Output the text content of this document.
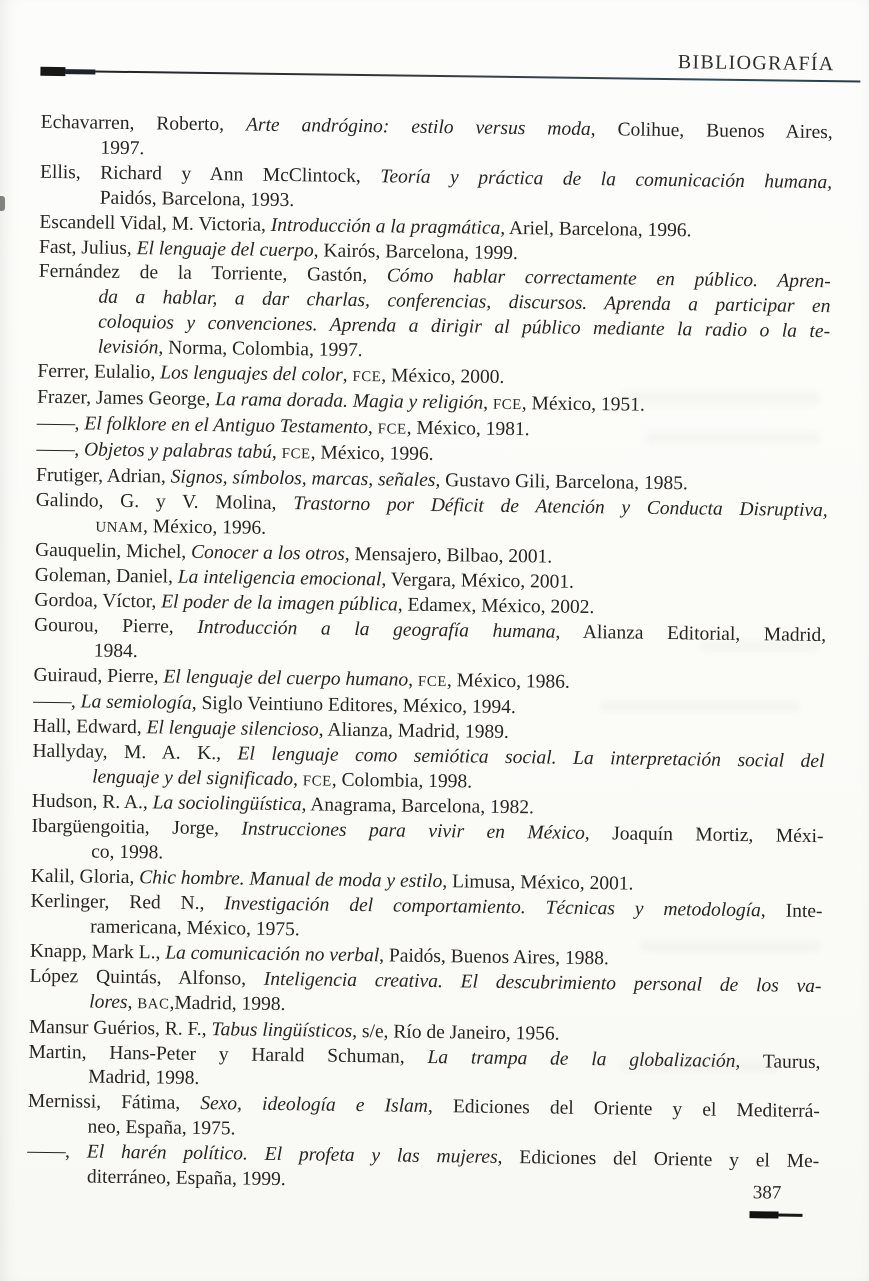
BIBLIOGRAFÍA
Echavarren, Roberto, Arte andrógino: estilo versus moda, Colihue, Buenos Aires,
1997.
Ellis, Richard y Ann McClintock, Teoría y práctica de la comunicación humana,
Paidós, Barcelona, 1993.
Escandell Vidal, M. Victoria, Introducción a la pragmática, Ariel, Barcelona, 1996.
Fast, Julius, El lenguaje del cuerpo, Kairós, Barcelona, 1999.
Fernández de la Torriente, Gastón, Cómo hablar correctamente en público. Apren-
da a hablar, a dar charlas, conferencias, discursos. Aprenda a participar en
coloquios y convenciones. Aprenda a dirigir al público mediante la radio o la te-
levisión, Norma, Colombia, 1997.
Ferrer, Eulalio, Los lenguajes del color, FCE, México, 2000.
Frazer, James George, La rama dorada. Magia y religión, FCE, México, 1951.
——, El folklore en el Antiguo Testamento, FCE, México, 1981.
——, Objetos y palabras tabú, FCE, México, 1996.
Frutiger, Adrian, Signos, símbolos, marcas, señales, Gustavo Gili, Barcelona, 1985.
Galindo, G. y V. Molina, Trastorno por Déficit de Atención y Conducta Disruptiva,
UNAM, México, 1996.
Gauquelin, Michel, Conocer a los otros, Mensajero, Bilbao, 2001.
Goleman, Daniel, La inteligencia emocional, Vergara, México, 2001.
Gordoa, Víctor, El poder de la imagen pública, Edamex, México, 2002.
Gourou, Pierre, Introducción a la geografía humana, Alianza Editorial, Madrid,
1984.
Guiraud, Pierre, El lenguaje del cuerpo humano, FCE, México, 1986.
——, La semiología, Siglo Veintiuno Editores, México, 1994.
Hall, Edward, El lenguaje silencioso, Alianza, Madrid, 1989.
Hallyday, M. A. K., El lenguaje como semiótica social. La interpretación social del
lenguaje y del significado, FCE, Colombia, 1998.
Hudson, R. A., La sociolingüística, Anagrama, Barcelona, 1982.
Ibargüengoitia, Jorge, Instrucciones para vivir en México, Joaquín Mortiz, Méxi-
co, 1998.
Kalil, Gloria, Chic hombre. Manual de moda y estilo, Limusa, México, 2001.
Kerlinger, Red N., Investigación del comportamiento. Técnicas y metodología, Inte-
ramericana, México, 1975.
Knapp, Mark L., La comunicación no verbal, Paidós, Buenos Aires, 1988.
López Quintás, Alfonso, Inteligencia creativa. El descubrimiento personal de los va-
lores, BAC,Madrid, 1998.
Mansur Guérios, R. F., Tabus lingüísticos, s/e, Río de Janeiro, 1956.
Martin, Hans-Peter y Harald Schuman, La trampa de la globalización, Taurus,
Madrid, 1998.
Mernissi, Fátima, Sexo, ideología e Islam, Ediciones del Oriente y el Mediterrá-
neo, España, 1975.
——, El harén político. El profeta y las mujeres, Ediciones del Oriente y el Me-
diterráneo, España, 1999.
387
